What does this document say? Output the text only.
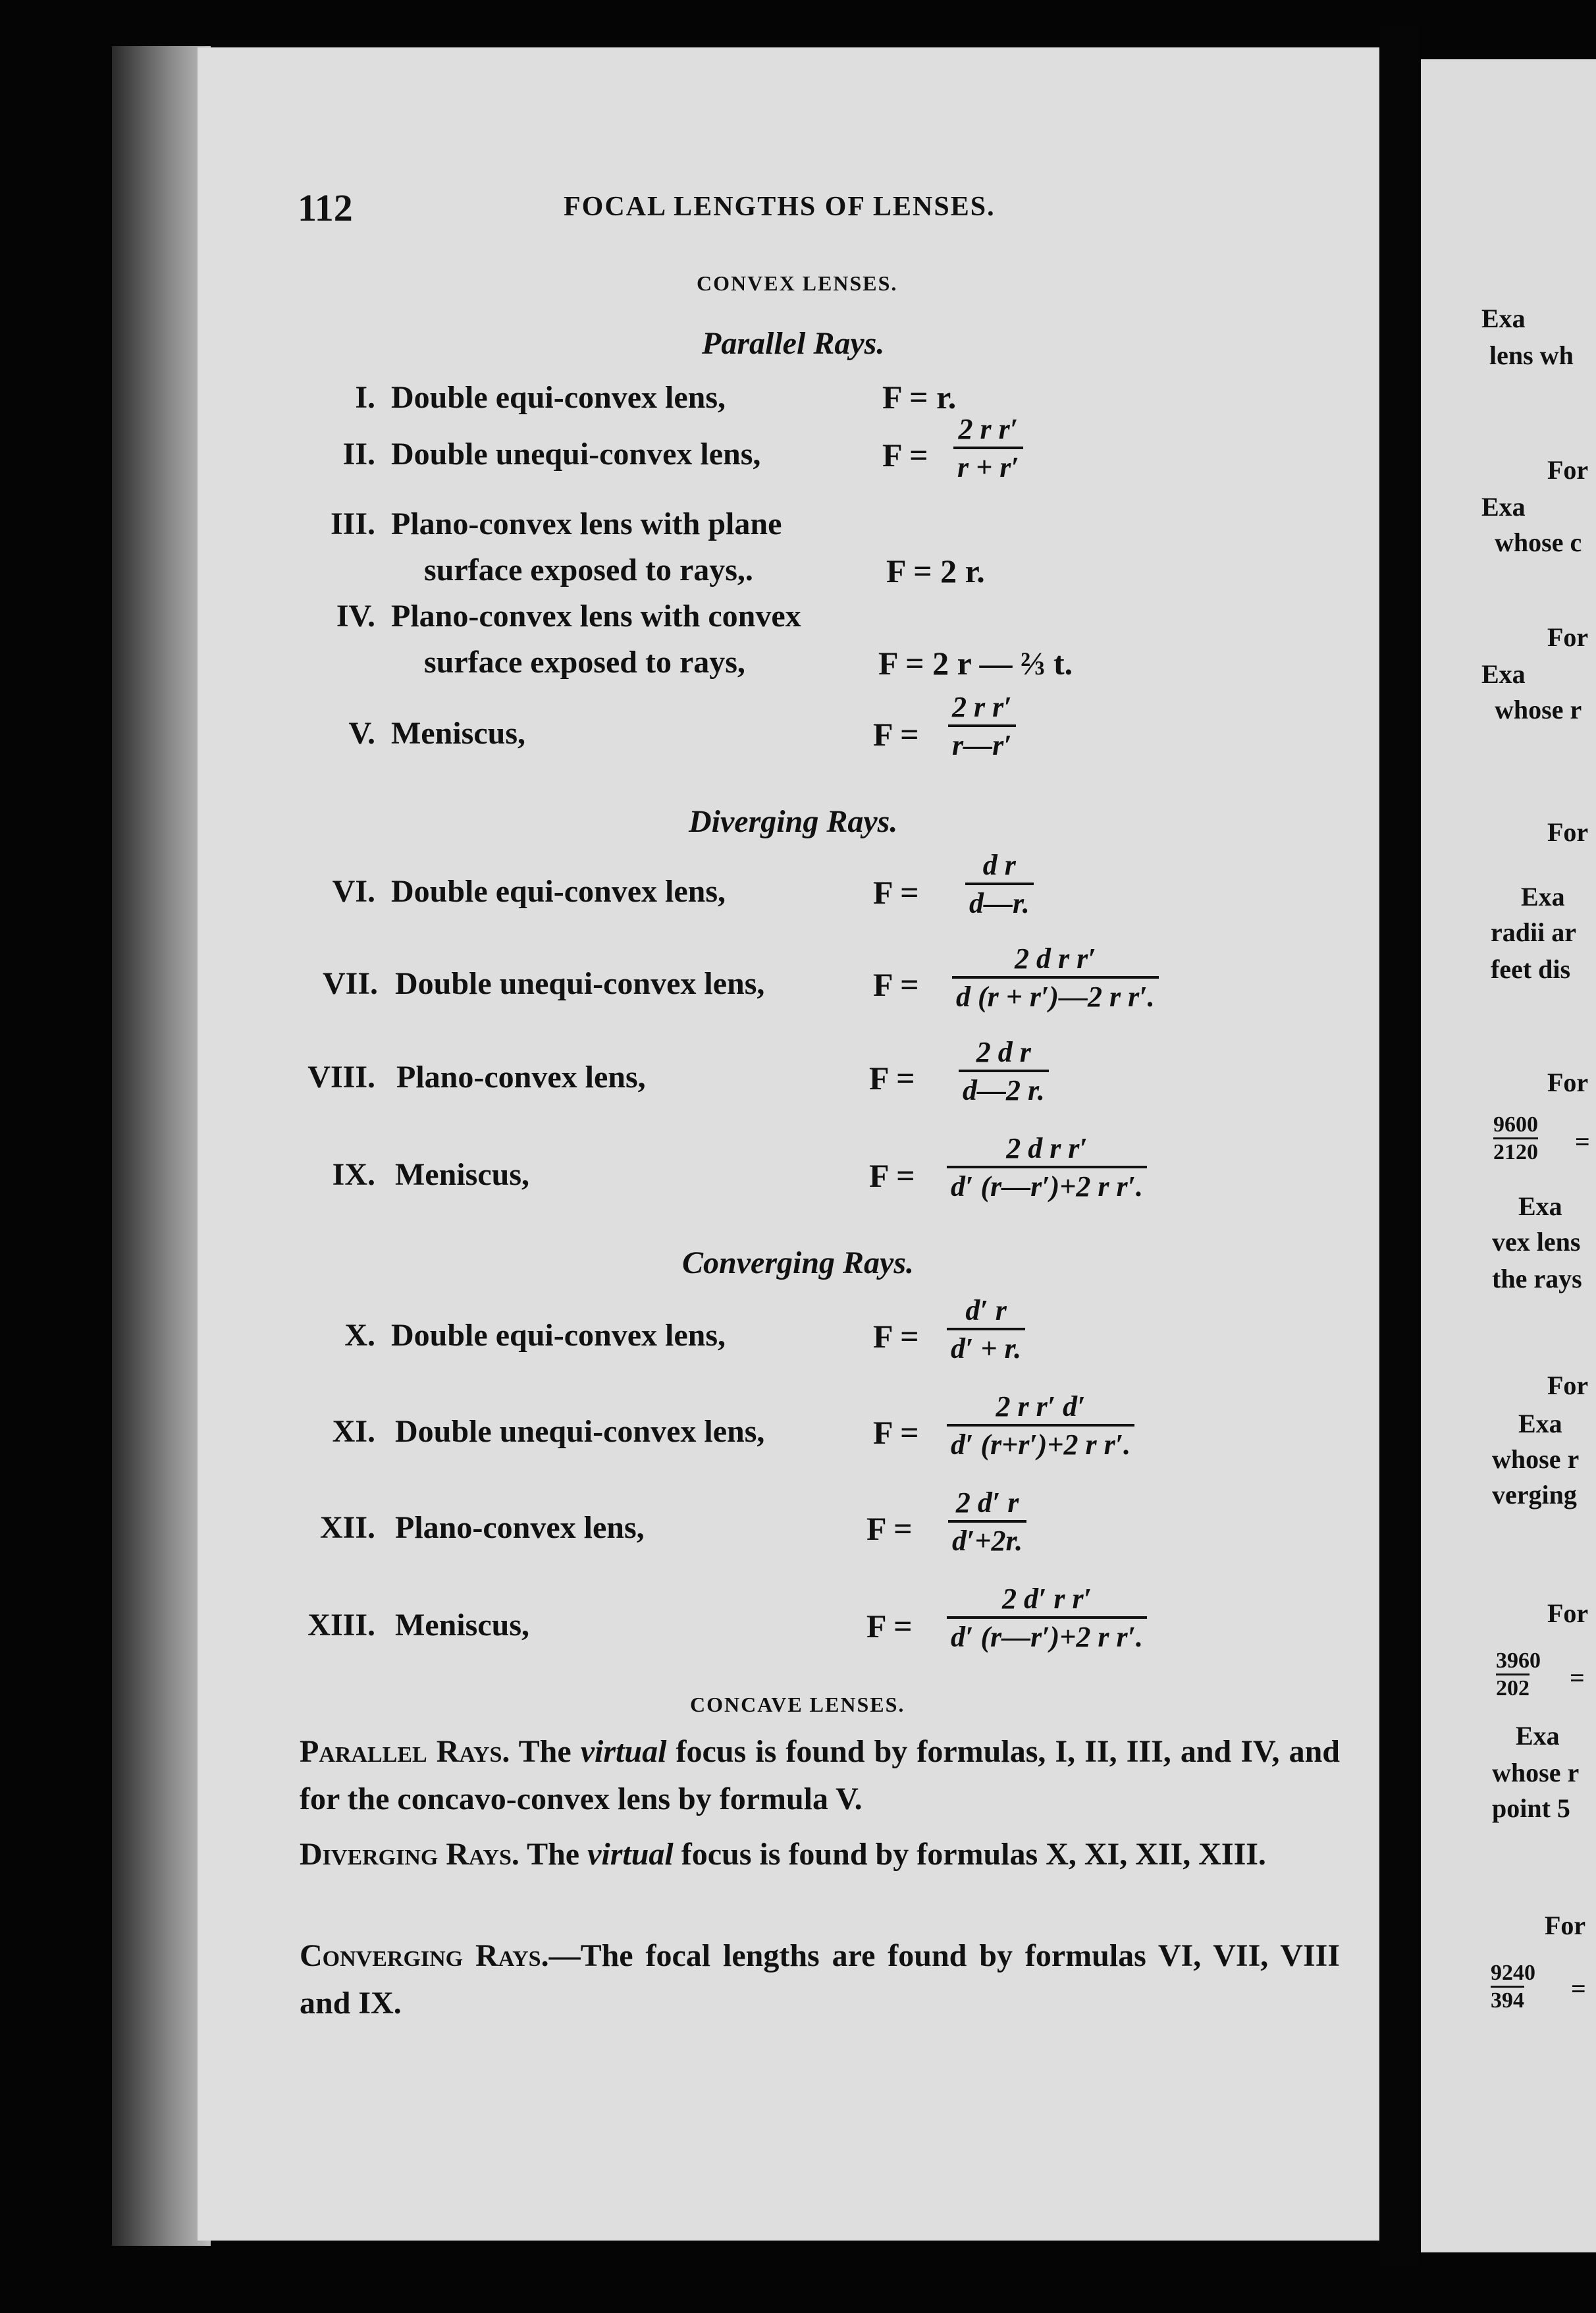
112	FOCAL LENGTHS OF LENSES.
CONVEX LENSES.
Parallel Rays.
I. Double equi-convex lens,	F = r.
II. Double unequi-convex lens,	$F = \frac{\text{2 r r′}}{r + r'}$
III. Plano-convex lens with plane
surface exposed to rays,.	F = 2 r.
IV. Plano-convex lens with convex
surface exposed to rays,	F = 2 r — ⅔ t.
V. Meniscus,	$F = \frac{\text{2 r r′}}{r—r'}$
Diverging Rays.
VI. Double equi-convex lens,	$F = \frac{\text{d r}}{d—r.}$
VII. Double unequi-convex lens,	$F = \frac{\text{2 d r r′}}{\text{d (r + r′)—2 r r′.}}$
VIII. Plano-convex lens,	$F = \frac{\text{2 d r}}{d—2 r.}$
IX. Meniscus,	$F = \frac{\text{2 d r r′}}{\text{d′ (r—r′)+2 r r′.}}$
Converging Rays.
X. Double equi-convex lens,	$F = \frac{d' r}{d' + r.}$
XI. Double unequi-convex lens,	$F = \frac{\text{2 r r′ d′}}{\text{d′ (r+r′)+2 r r′.}}$
XII. Plano-convex lens,	$F = \frac{2 d' r}{d'+2r.}$
XIII. Meniscus,	$F = \frac{\text{2 d′ r r′}}{\text{d′ (r—r′)+2 r r′.}}$
CONCAVE LENSES.
Parallel Rays. The virtual focus is found by formulas, I, II, III, and IV, and for the concavo-convex lens by formula V.
Diverging Rays. The virtual focus is found by formulas X, XI, XII, XIII.
Converging Rays.—The focal lengths are found by formulas VI, VII, VIII and IX.
Exa
lens wh
For
Exa
whose c
For
Exa
whose r
For
Exa
radii ar
feet dis
For
$\frac{9600}{2120}$ =
Exa
vex lens
the rays
For
Exa
whose r
verging
For
$\frac{3960}{202}$ =
Exa
whose r
point 5
For
$\frac{9240}{394}$ =
